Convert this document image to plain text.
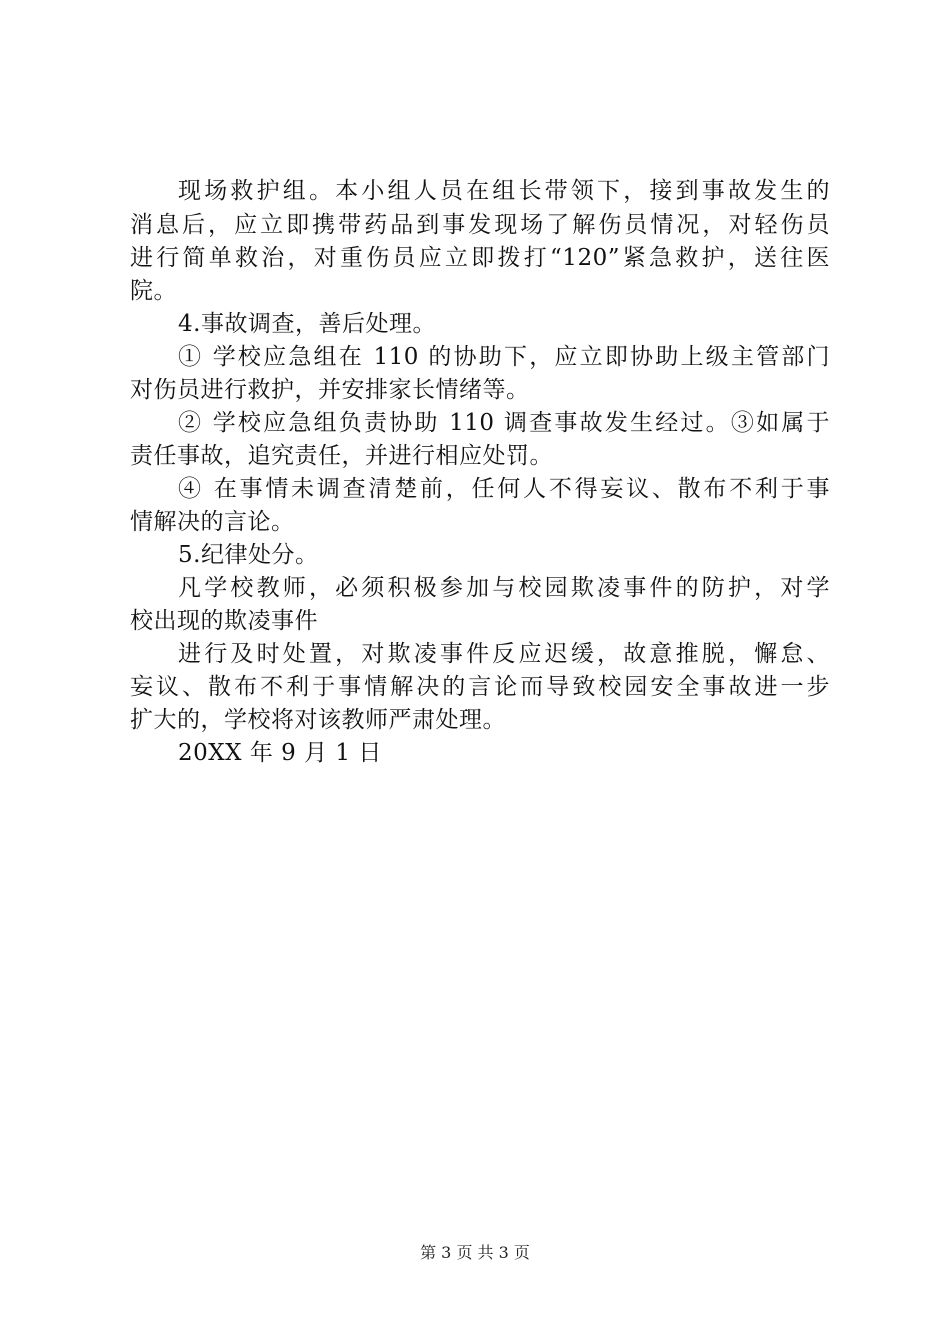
现场救护组。本小组人员在组长带领下，接到事故发生的
消息后，应立即携带药品到事发现场了解伤员情况，对轻伤员
进行简单救治，对重伤员应立即拨打“120”紧急救护，送往医
院。
4.事故调查，善后处理。
① 学校应急组在 110 的协助下，应立即协助上级主管部门
对伤员进行救护，并安排家长情绪等。
② 学校应急组负责协助 110 调查事故发生经过。③如属于
责任事故，追究责任，并进行相应处罚。
④ 在事情未调查清楚前，任何人不得妄议、散布不利于事
情解决的言论。
5.纪律处分。
凡学校教师，必须积极参加与校园欺凌事件的防护，对学
校出现的欺凌事件
进行及时处置，对欺凌事件反应迟缓，故意推脱，懈怠、
妄议、散布不利于事情解决的言论而导致校园安全事故进一步
扩大的，学校将对该教师严肃处理。
20XX 年 9 月 1 日
第 3 页 共 3 页
